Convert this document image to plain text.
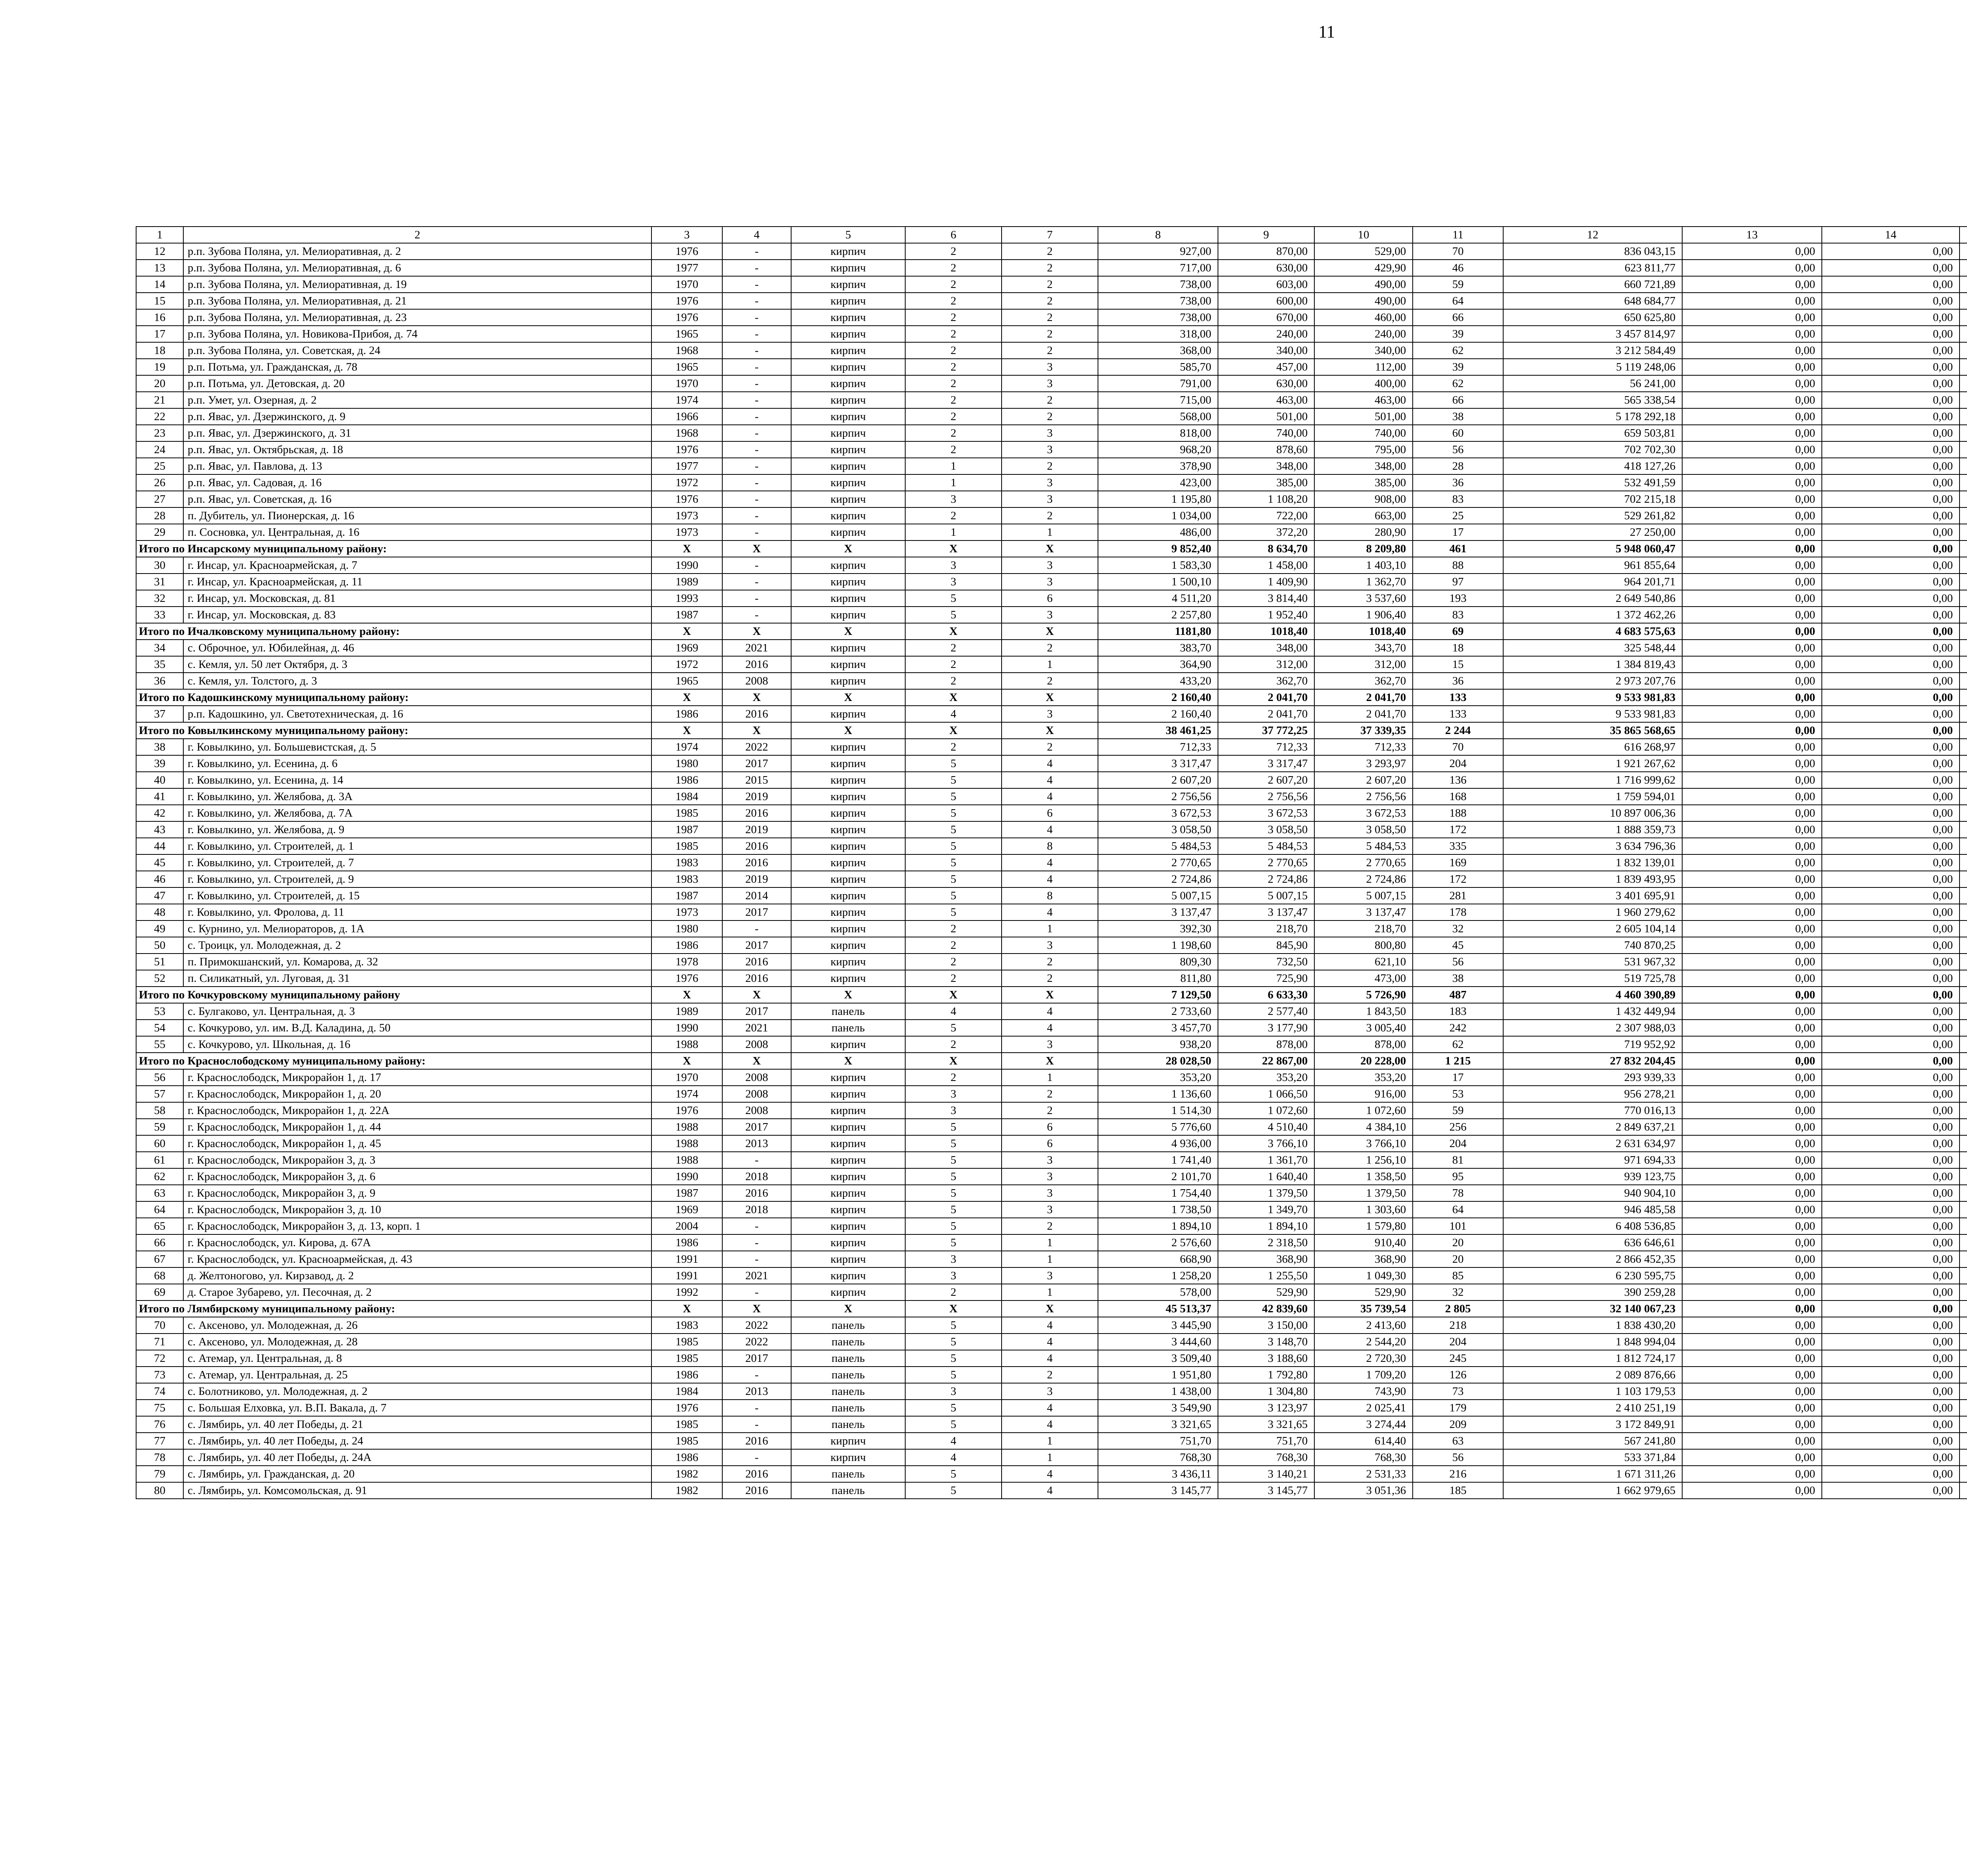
11
1	2	3	4	5	6	7	8	9	10	11	12	13	14					
12	р.п. Зубова Поляна, ул. Мелиоративная, д. 2	1976	-	кирпич	2	2	927,00	870,00	529,00	70	836 043,15	0,00	0,00					
13	р.п. Зубова Поляна, ул. Мелиоративная, д. 6	1977	-	кирпич	2	2	717,00	630,00	429,90	46	623 811,77	0,00	0,00					
14	р.п. Зубова Поляна, ул. Мелиоративная, д. 19	1970	-	кирпич	2	2	738,00	603,00	490,00	59	660 721,89	0,00	0,00					
15	р.п. Зубова Поляна, ул. Мелиоративная, д. 21	1976	-	кирпич	2	2	738,00	600,00	490,00	64	648 684,77	0,00	0,00					
16	р.п. Зубова Поляна, ул. Мелиоративная, д. 23	1976	-	кирпич	2	2	738,00	670,00	460,00	66	650 625,80	0,00	0,00					
17	р.п. Зубова Поляна, ул. Новикова-Прибоя, д. 74	1965	-	кирпич	2	2	318,00	240,00	240,00	39	3 457 814,97	0,00	0,00					
18	р.п. Зубова Поляна, ул. Советская, д. 24	1968	-	кирпич	2	2	368,00	340,00	340,00	62	3 212 584,49	0,00	0,00					
19	р.п. Потьма, ул. Гражданская, д. 78	1965	-	кирпич	2	3	585,70	457,00	112,00	39	5 119 248,06	0,00	0,00					
20	р.п. Потьма, ул. Детовская, д. 20	1970	-	кирпич	2	3	791,00	630,00	400,00	62	56 241,00	0,00	0,00					
21	р.п. Умет, ул. Озерная, д. 2	1974	-	кирпич	2	2	715,00	463,00	463,00	66	565 338,54	0,00	0,00					
22	р.п. Явас, ул. Дзержинского, д. 9	1966	-	кирпич	2	2	568,00	501,00	501,00	38	5 178 292,18	0,00	0,00					
23	р.п. Явас, ул. Дзержинского, д. 31	1968	-	кирпич	2	3	818,00	740,00	740,00	60	659 503,81	0,00	0,00					
24	р.п. Явас, ул. Октябрьская, д. 18	1976	-	кирпич	2	3	968,20	878,60	795,00	56	702 702,30	0,00	0,00					
25	р.п. Явас, ул. Павлова, д. 13	1977	-	кирпич	1	2	378,90	348,00	348,00	28	418 127,26	0,00	0,00					
26	р.п. Явас, ул. Садовая, д. 16	1972	-	кирпич	1	3	423,00	385,00	385,00	36	532 491,59	0,00	0,00					
27	р.п. Явас, ул. Советская, д. 16	1976	-	кирпич	3	3	1 195,80	1 108,20	908,00	83	702 215,18	0,00	0,00					
28	п. Дубитель, ул. Пионерская, д. 16	1973	-	кирпич	2	2	1 034,00	722,00	663,00	25	529 261,82	0,00	0,00					
29	п. Сосновка, ул. Центральная, д. 16	1973	-	кирпич	1	1	486,00	372,20	280,90	17	27 250,00	0,00	0,00					
Итого по Инсарскому муниципальному району:		X	X	X	X	X	9 852,40	8 634,70	8 209,80	461	5 948 060,47	0,00	0,00					
30	г. Инсар, ул. Красноармейская, д. 7	1990	-	кирпич	3	3	1 583,30	1 458,00	1 403,10	88	961 855,64	0,00	0,00					
31	г. Инсар, ул. Красноармейская, д. 11	1989	-	кирпич	3	3	1 500,10	1 409,90	1 362,70	97	964 201,71	0,00	0,00					
32	г. Инсар, ул. Московская, д. 81	1993	-	кирпич	5	6	4 511,20	3 814,40	3 537,60	193	2 649 540,86	0,00	0,00					
33	г. Инсар, ул. Московская, д. 83	1987	-	кирпич	5	3	2 257,80	1 952,40	1 906,40	83	1 372 462,26	0,00	0,00					
Итого по Ичалковскому муниципальному району:		X	X	X	X	X	1181,80	1018,40	1018,40	69	4 683 575,63	0,00	0,00					
34	с. Оброчное, ул. Юбилейная, д. 46	1969	2021	кирпич	2	2	383,70	348,00	343,70	18	325 548,44	0,00	0,00					
35	с. Кемля, ул. 50 лет Октября, д. 3	1972	2016	кирпич	2	1	364,90	312,00	312,00	15	1 384 819,43	0,00	0,00					
36	с. Кемля, ул. Толстого, д. 3	1965	2008	кирпич	2	2	433,20	362,70	362,70	36	2 973 207,76	0,00	0,00					
Итого по Кадошкинскому муниципальному району:		X	X	X	X	X	2 160,40	2 041,70	2 041,70	133	9 533 981,83	0,00	0,00					
37	р.п. Кадошкино, ул. Светотехническая, д. 16	1986	2016	кирпич	4	3	2 160,40	2 041,70	2 041,70	133	9 533 981,83	0,00	0,00					
Итого по Ковылкинскому муниципальному району:		X	X	X	X	X	38 461,25	37 772,25	37 339,35	2 244	35 865 568,65	0,00	0,00					
38	г. Ковылкино, ул. Большевистская, д. 5	1974	2022	кирпич	2	2	712,33	712,33	712,33	70	616 268,97	0,00	0,00					
39	г. Ковылкино, ул. Есенина, д. 6	1980	2017	кирпич	5	4	3 317,47	3 317,47	3 293,97	204	1 921 267,62	0,00	0,00					
40	г. Ковылкино, ул. Есенина, д. 14	1986	2015	кирпич	5	4	2 607,20	2 607,20	2 607,20	136	1 716 999,62	0,00	0,00					
41	г. Ковылкино, ул. Желябова, д. 3А	1984	2019	кирпич	5	4	2 756,56	2 756,56	2 756,56	168	1 759 594,01	0,00	0,00					
42	г. Ковылкино, ул. Желябова, д. 7А	1985	2016	кирпич	5	6	3 672,53	3 672,53	3 672,53	188	10 897 006,36	0,00	0,00					
43	г. Ковылкино, ул. Желябова, д. 9	1987	2019	кирпич	5	4	3 058,50	3 058,50	3 058,50	172	1 888 359,73	0,00	0,00					
44	г. Ковылкино, ул. Строителей, д. 1	1985	2016	кирпич	5	8	5 484,53	5 484,53	5 484,53	335	3 634 796,36	0,00	0,00					
45	г. Ковылкино, ул. Строителей, д. 7	1983	2016	кирпич	5	4	2 770,65	2 770,65	2 770,65	169	1 832 139,01	0,00	0,00					
46	г. Ковылкино, ул. Строителей, д. 9	1983	2019	кирпич	5	4	2 724,86	2 724,86	2 724,86	172	1 839 493,95	0,00	0,00					
47	г. Ковылкино, ул. Строителей, д. 15	1987	2014	кирпич	5	8	5 007,15	5 007,15	5 007,15	281	3 401 695,91	0,00	0,00					
48	г. Ковылкино, ул. Фролова, д. 11	1973	2017	кирпич	5	4	3 137,47	3 137,47	3 137,47	178	1 960 279,62	0,00	0,00					
49	с. Курнино, ул. Мелиораторов, д. 1А	1980	-	кирпич	2	1	392,30	218,70	218,70	32	2 605 104,14	0,00	0,00					
50	с. Троицк, ул. Молодежная, д. 2	1986	2017	кирпич	2	3	1 198,60	845,90	800,80	45	740 870,25	0,00	0,00					
51	п. Примокшанский, ул. Комарова, д. 32	1978	2016	кирпич	2	2	809,30	732,50	621,10	56	531 967,32	0,00	0,00					
52	п. Силикатный, ул. Луговая, д. 31	1976	2016	кирпич	2	2	811,80	725,90	473,00	38	519 725,78	0,00	0,00					
Итого по Кочкуровскому муниципальному району		X	X	X	X	X	7 129,50	6 633,30	5 726,90	487	4 460 390,89	0,00	0,00					
53	с. Булгаково, ул. Центральная, д. 3	1989	2017	панель	4	4	2 733,60	2 577,40	1 843,50	183	1 432 449,94	0,00	0,00					
54	с. Кочкурово, ул. им. В.Д. Каладина, д. 50	1990	2021	панель	5	4	3 457,70	3 177,90	3 005,40	242	2 307 988,03	0,00	0,00					
55	с. Кочкурово, ул. Школьная, д. 16	1988	2008	кирпич	2	3	938,20	878,00	878,00	62	719 952,92	0,00	0,00					
Итого по Краснослободскому муниципальному району:		X	X	X	X	X	28 028,50	22 867,00	20 228,00	1 215	27 832 204,45	0,00	0,00					
56	г. Краснослободск, Микрорайон 1, д. 17	1970	2008	кирпич	2	1	353,20	353,20	353,20	17	293 939,33	0,00	0,00					
57	г. Краснослободск, Микрорайон 1, д. 20	1974	2008	кирпич	3	2	1 136,60	1 066,50	916,00	53	956 278,21	0,00	0,00					
58	г. Краснослободск, Микрорайон 1, д. 22А	1976	2008	кирпич	3	2	1 514,30	1 072,60	1 072,60	59	770 016,13	0,00	0,00					
59	г. Краснослободск, Микрорайон 1, д. 44	1988	2017	кирпич	5	6	5 776,60	4 510,40	4 384,10	256	2 849 637,21	0,00	0,00					
60	г. Краснослободск, Микрорайон 1, д. 45	1988	2013	кирпич	5	6	4 936,00	3 766,10	3 766,10	204	2 631 634,97	0,00	0,00					
61	г. Краснослободск, Микрорайон 3, д. 3	1988	-	кирпич	5	3	1 741,40	1 361,70	1 256,10	81	971 694,33	0,00	0,00					
62	г. Краснослободск, Микрорайон 3, д. 6	1990	2018	кирпич	5	3	2 101,70	1 640,40	1 358,50	95	939 123,75	0,00	0,00					
63	г. Краснослободск, Микрорайон 3, д. 9	1987	2016	кирпич	5	3	1 754,40	1 379,50	1 379,50	78	940 904,10	0,00	0,00					
64	г. Краснослободск, Микрорайон 3, д. 10	1969	2018	кирпич	5	3	1 738,50	1 349,70	1 303,60	64	946 485,58	0,00	0,00					
65	г. Краснослободск, Микрорайон 3, д. 13, корп. 1	2004	-	кирпич	5	2	1 894,10	1 894,10	1 579,80	101	6 408 536,85	0,00	0,00					
66	г. Краснослободск, ул. Кирова, д. 67А	1986	-	кирпич	5	1	2 576,60	2 318,50	910,40	20	636 646,61	0,00	0,00					
67	г. Краснослободск, ул. Красноармейская, д. 43	1991	-	кирпич	3	1	668,90	368,90	368,90	20	2 866 452,35	0,00	0,00					
68	д. Желтоногово, ул. Кирзавод, д. 2	1991	2021	кирпич	3	3	1 258,20	1 255,50	1 049,30	85	6 230 595,75	0,00	0,00					
69	д. Старое Зубарево, ул. Песочная, д. 2	1992	-	кирпич	2	1	578,00	529,90	529,90	32	390 259,28	0,00	0,00					
Итого по Лямбирскому муниципальному району:		X	X	X	X	X	45 513,37	42 839,60	35 739,54	2 805	32 140 067,23	0,00	0,00					
70	с. Аксеново, ул. Молодежная, д. 26	1983	2022	панель	5	4	3 445,90	3 150,00	2 413,60	218	1 838 430,20	0,00	0,00					
71	с. Аксеново, ул. Молодежная, д. 28	1985	2022	панель	5	4	3 444,60	3 148,70	2 544,20	204	1 848 994,04	0,00	0,00					
72	с. Атемар, ул. Центральная, д. 8	1985	2017	панель	5	4	3 509,40	3 188,60	2 720,30	245	1 812 724,17	0,00	0,00					
73	с. Атемар, ул. Центральная, д. 25	1986	-	панель	5	2	1 951,80	1 792,80	1 709,20	126	2 089 876,66	0,00	0,00					
74	с. Болотниково, ул. Молодежная, д. 2	1984	2013	панель	3	3	1 438,00	1 304,80	743,90	73	1 103 179,53	0,00	0,00					
75	с. Большая Елховка, ул. В.П. Вакала, д. 7	1976	-	панель	5	4	3 549,90	3 123,97	2 025,41	179	2 410 251,19	0,00	0,00					
76	с. Лямбирь, ул. 40 лет Победы, д. 21	1985	-	панель	5	4	3 321,65	3 321,65	3 274,44	209	3 172 849,91	0,00	0,00					
77	с. Лямбирь, ул. 40 лет Победы, д. 24	1985	2016	кирпич	4	1	751,70	751,70	614,40	63	567 241,80	0,00	0,00					
78	с. Лямбирь, ул. 40 лет Победы, д. 24А	1986	-	кирпич	4	1	768,30	768,30	768,30	56	533 371,84	0,00	0,00					
79	с. Лямбирь, ул. Гражданская, д. 20	1982	2016	панель	5	4	3 436,11	3 140,21	2 531,33	216	1 671 311,26	0,00	0,00					
80	с. Лямбирь, ул. Комсомольская, д. 91	1982	2016	панель	5	4	3 145,77	3 145,77	3 051,36	185	1 662 979,65	0,00	0,00					
